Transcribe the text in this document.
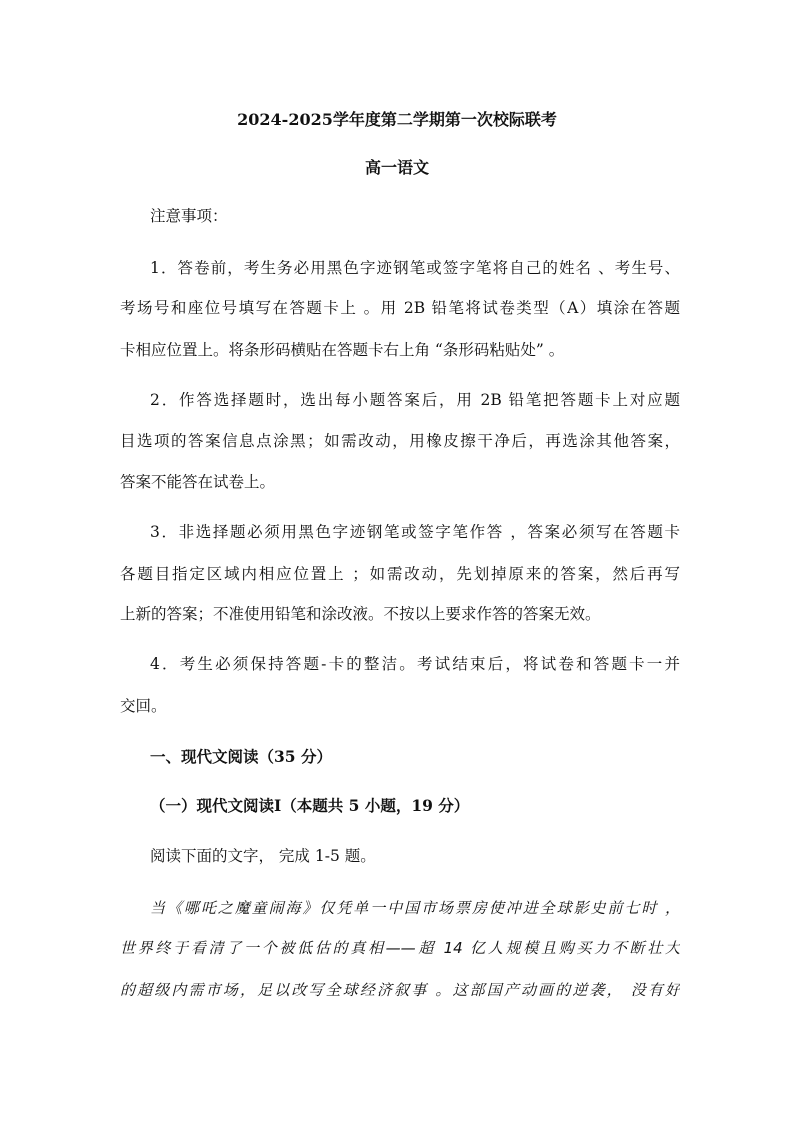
2024-2025学年度第二学期第一次校际联考
高一语文
注意事项：
1．答卷前，考生务必用黑色字迹钢笔或签字笔将自己的姓名 、考生号、
考场号和座位号填写在答题卡上 。用 2B 铅笔将试卷类型（A）填涂在答题
卡相应位置上。将条形码横贴在答题卡右上角 “条形码粘贴处” 。
2．作答选择题时，选出每小题答案后，用 2B 铅笔把答题卡上对应题
目选项的答案信息点涂黑；如需改动，用橡皮擦干净后，再选涂其他答案，
答案不能答在试卷上。
3．非选择题必须用黑色字迹钢笔或签字笔作答 ，答案必须写在答题卡
各题目指定区域内相应位置上 ；如需改动，先划掉原来的答案，然后再写
上新的答案；不准使用铅笔和涂改液。不按以上要求作答的答案无效。
4．考生必须保持答题-卡的整洁。考试结束后，将试卷和答题卡一并
交回。
一、现代文阅读（35 分）
（一）现代文阅读Ⅰ（本题共 5 小题，19 分）
阅读下面的文字， 完成 1-5 题。
当《哪吒之魔童闹海》仅凭单一中国市场票房使冲进全球影史前七时 ，
世界终于看清了一个被低估的真相——超 14 亿人规模且购买力不断壮大
的超级内需市场，足以改写全球经济叙事 。这部国产动画的逆袭， 没有好
